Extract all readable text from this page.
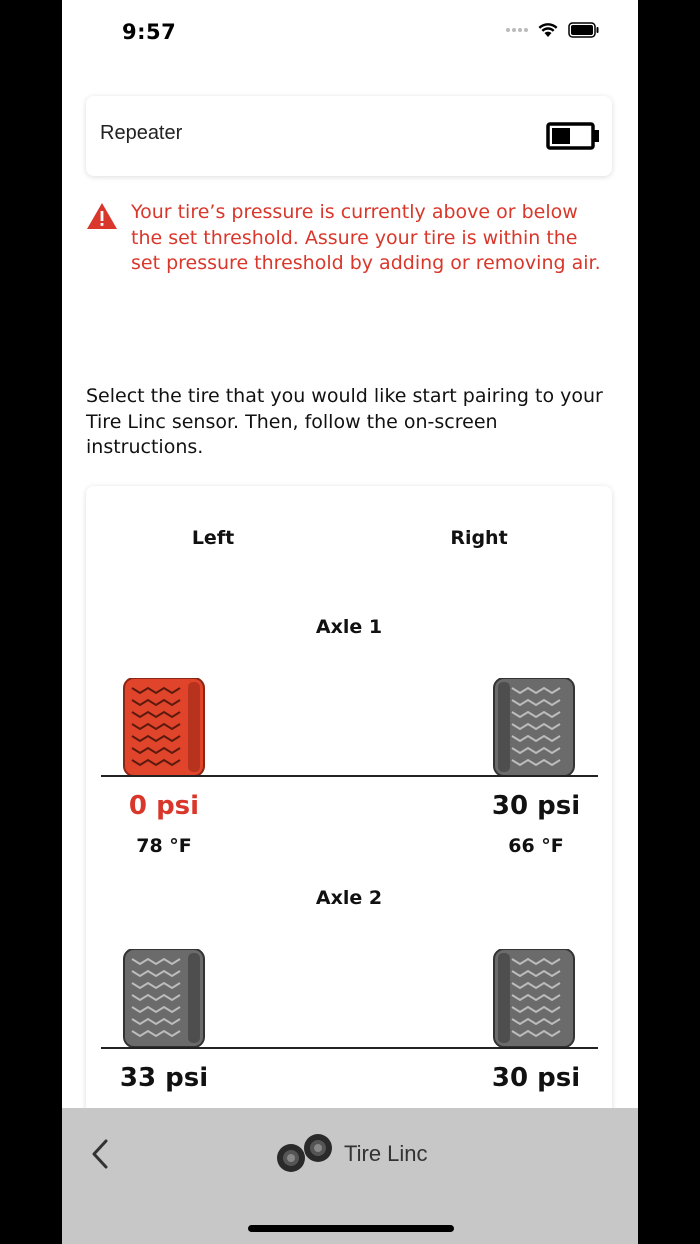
9:57
Repeater
Your tire’s pressure is currently above or below the set threshold. Assure your tire is within the set pressure threshold by adding or removing air.
Select the tire that you would like start pairing to your Tire Linc sensor. Then, follow the on-screen instructions.
Left	Right
Axle 1
0 psi	30 psi
78 °F	66 °F
Axle 2
33 psi	30 psi
Tire Linc
